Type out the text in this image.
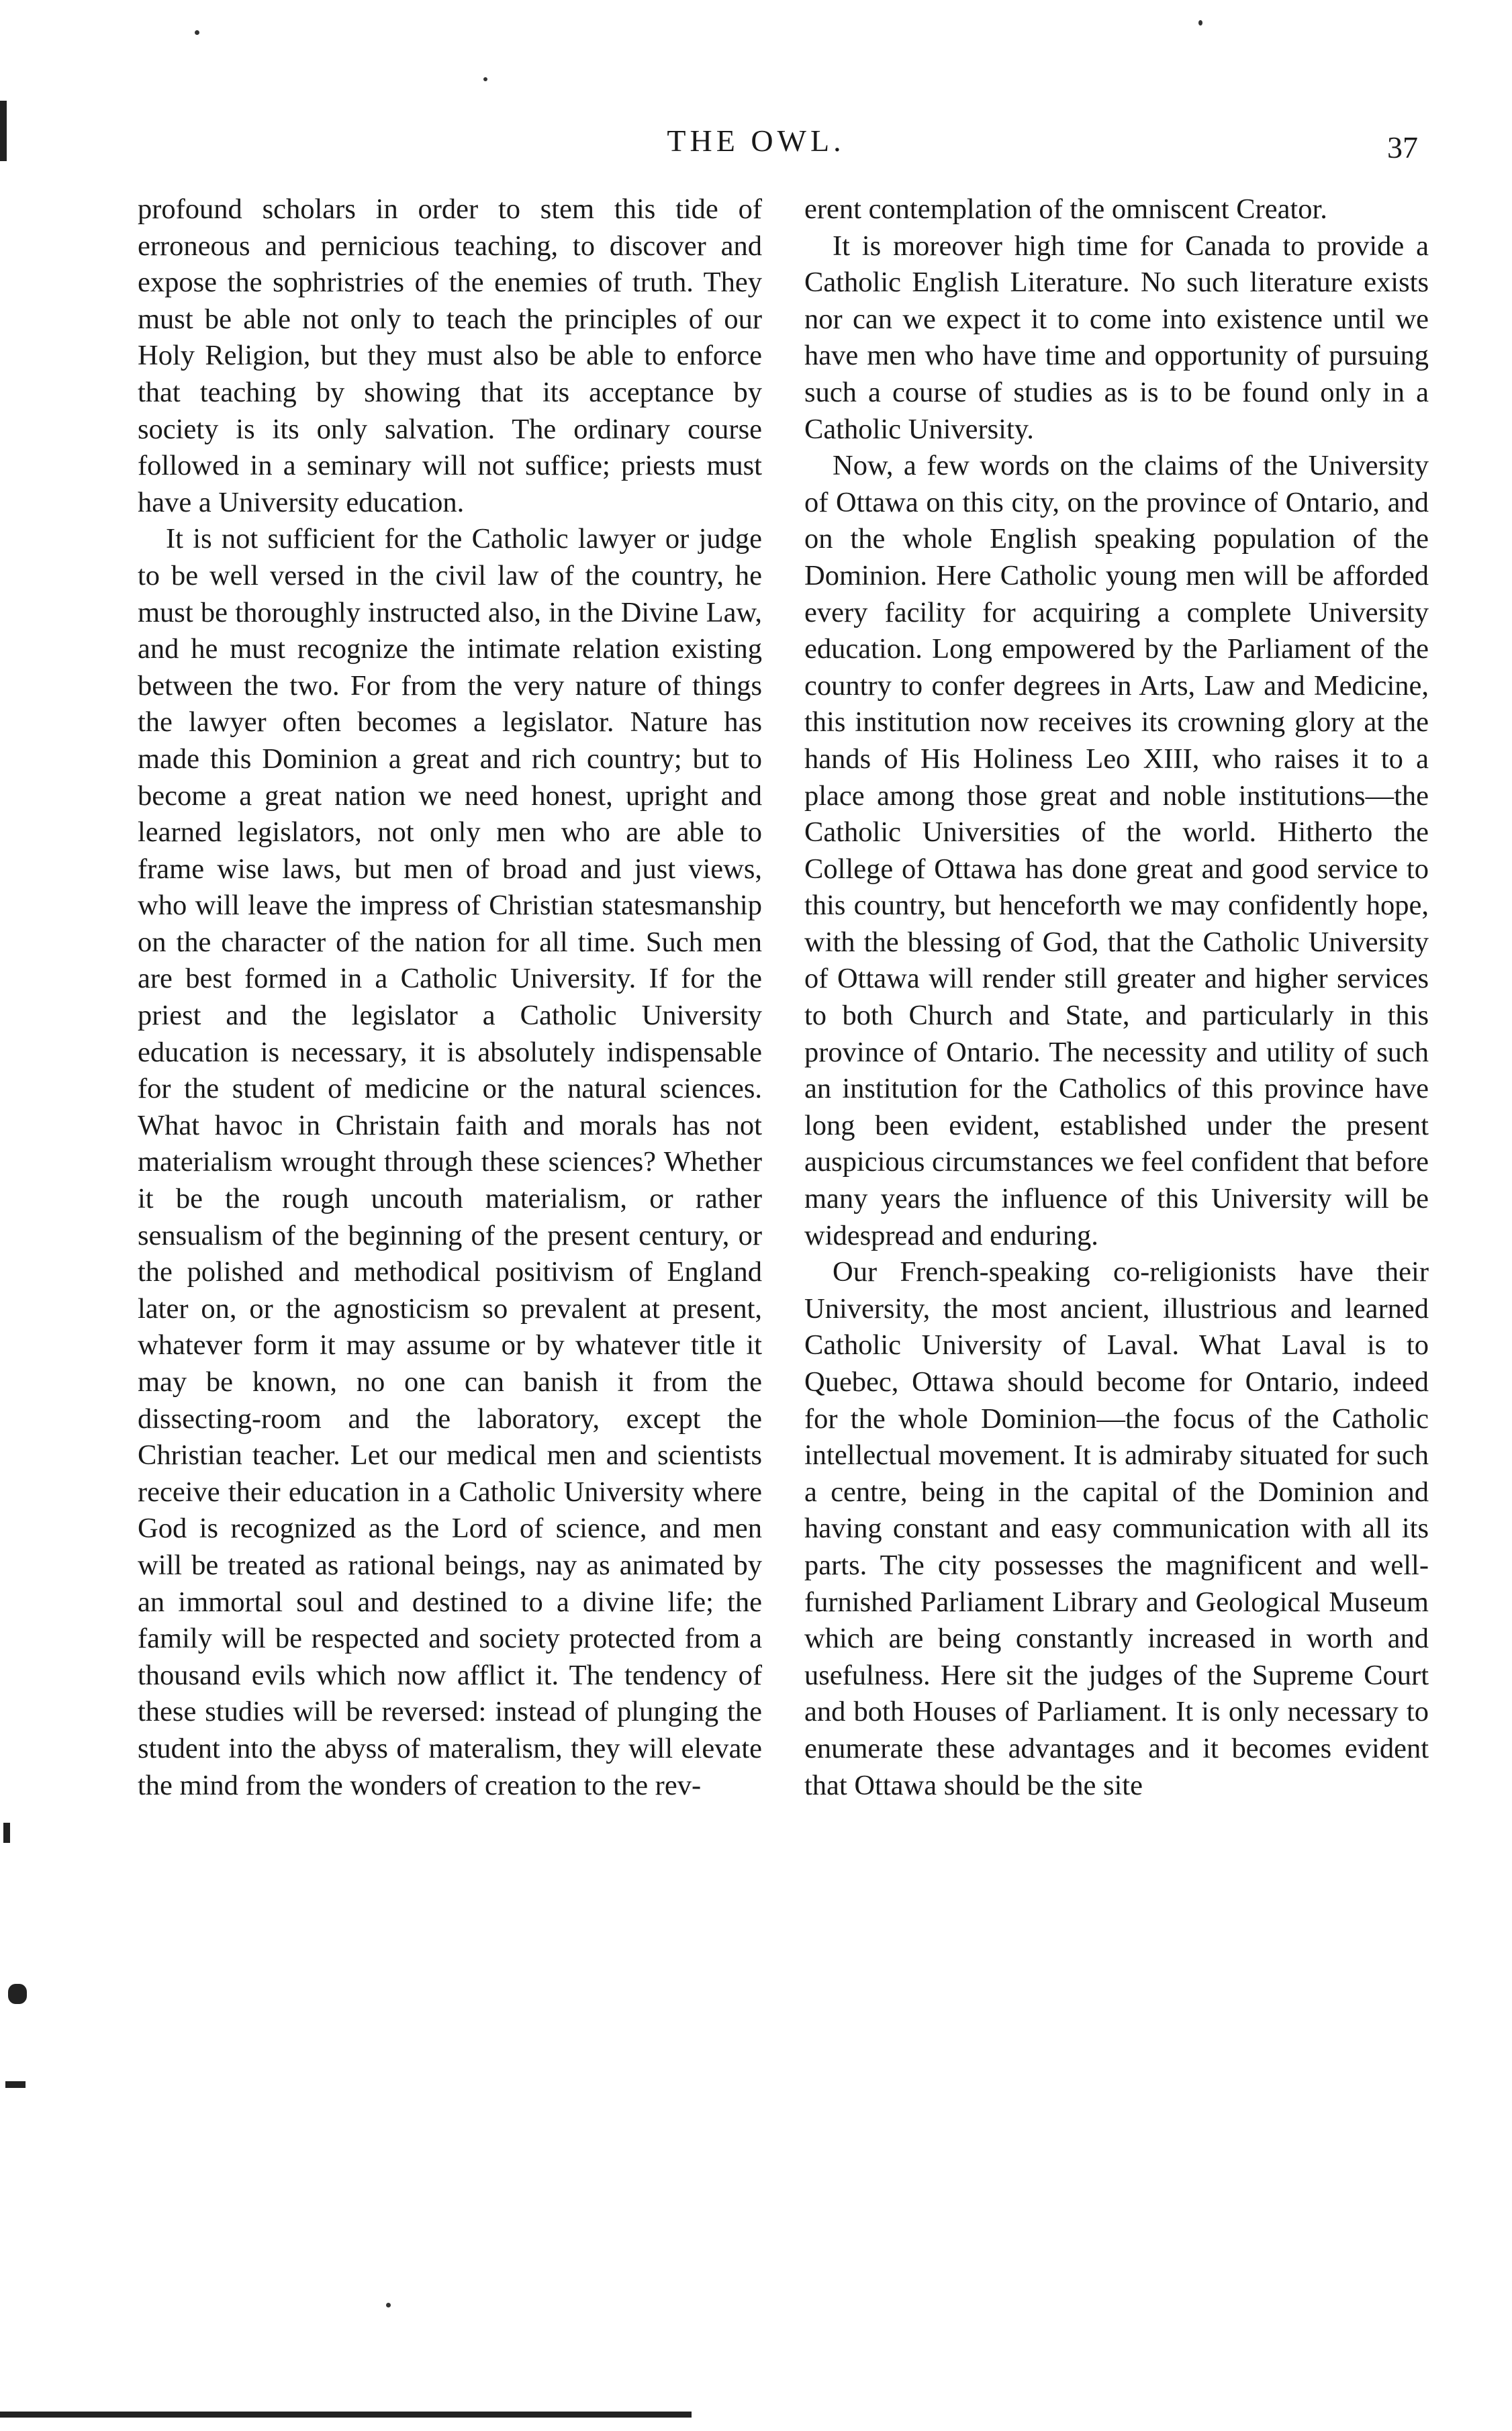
THE OWL.	37

profound scholars in order to stem this tide of erroneous and pernicious teaching, to discover and expose the sophristries of the enemies of truth. They must be able not only to teach the principles of our Holy Religion, but they must also be able to enforce that teaching by showing that its acceptance by society is its only salvation. The ordinary course followed in a seminary will not suffice; priests must have a University education.

It is not sufficient for the Catholic lawyer or judge to be well versed in the civil law of the country, he must be thoroughly instructed also, in the Divine Law, and he must recognize the intimate relation existing between the two. For from the very nature of things the lawyer often becomes a legislator. Nature has made this Dominion a great and rich country; but to become a great nation we need honest, upright and learned legislators, not only men who are able to frame wise laws, but men of broad and just views, who will leave the impress of Christian statesmanship on the character of the nation for all time. Such men are best formed in a Catholic University. If for the priest and the legislator a Catholic University education is necessary, it is absolutely indispensable for the student of medicine or the natural sciences. What havoc in Christain faith and morals has not materialism wrought through these sciences? Whether it be the rough uncouth materialism, or rather sensualism of the beginning of the present century, or the polished and methodical positivism of England later on, or the agnosticism so prevalent at present, whatever form it may assume or by whatever title it may be known, no one can banish it from the dissecting-room and the laboratory, except the Christian teacher. Let our medical men and scientists receive their education in a Catholic University where God is recognized as the Lord of science, and men will be treated as rational beings, nay as animated by an immortal soul and destined to a divine life; the family will be respected and society protected from a thousand evils which now afflict it. The tendency of these studies will be reversed: instead of plunging the student into the abyss of materalism, they will elevate the mind from the wonders of creation to the rev-

erent contemplation of the omniscent Creator.

It is moreover high time for Canada to provide a Catholic English Literature. No such literature exists nor can we expect it to come into existence until we have men who have time and opportunity of pursuing such a course of studies as is to be found only in a Catholic University.

Now, a few words on the claims of the University of Ottawa on this city, on the province of Ontario, and on the whole English speaking population of the Dominion. Here Catholic young men will be afforded every facility for acquiring a complete University education. Long empowered by the Parliament of the country to confer degrees in Arts, Law and Medicine, this institution now receives its crowning glory at the hands of His Holiness Leo XIII, who raises it to a place among those great and noble institutions—the Catholic Universities of the world. Hitherto the College of Ottawa has done great and good service to this country, but henceforth we may confidently hope, with the blessing of God, that the Catholic University of Ottawa will render still greater and higher services to both Church and State, and particularly in this province of Ontario. The necessity and utility of such an institution for the Catholics of this province have long been evident, established under the present auspicious circumstances we feel confident that before many years the influence of this University will be widespread and enduring.

Our French-speaking co-religionists have their University, the most ancient, illustrious and learned Catholic University of Laval. What Laval is to Quebec, Ottawa should become for Ontario, indeed for the whole Dominion—the focus of the Catholic intellectual movement. It is admiraby situated for such a centre, being in the capital of the Dominion and having constant and easy communication with all its parts. The city possesses the magnificent and well-furnished Parliament Library and Geological Museum which are being constantly increased in worth and usefulness. Here sit the judges of the Supreme Court and both Houses of Parliament. It is only necessary to enumerate these advantages and it becomes evident that Ottawa should be the site
